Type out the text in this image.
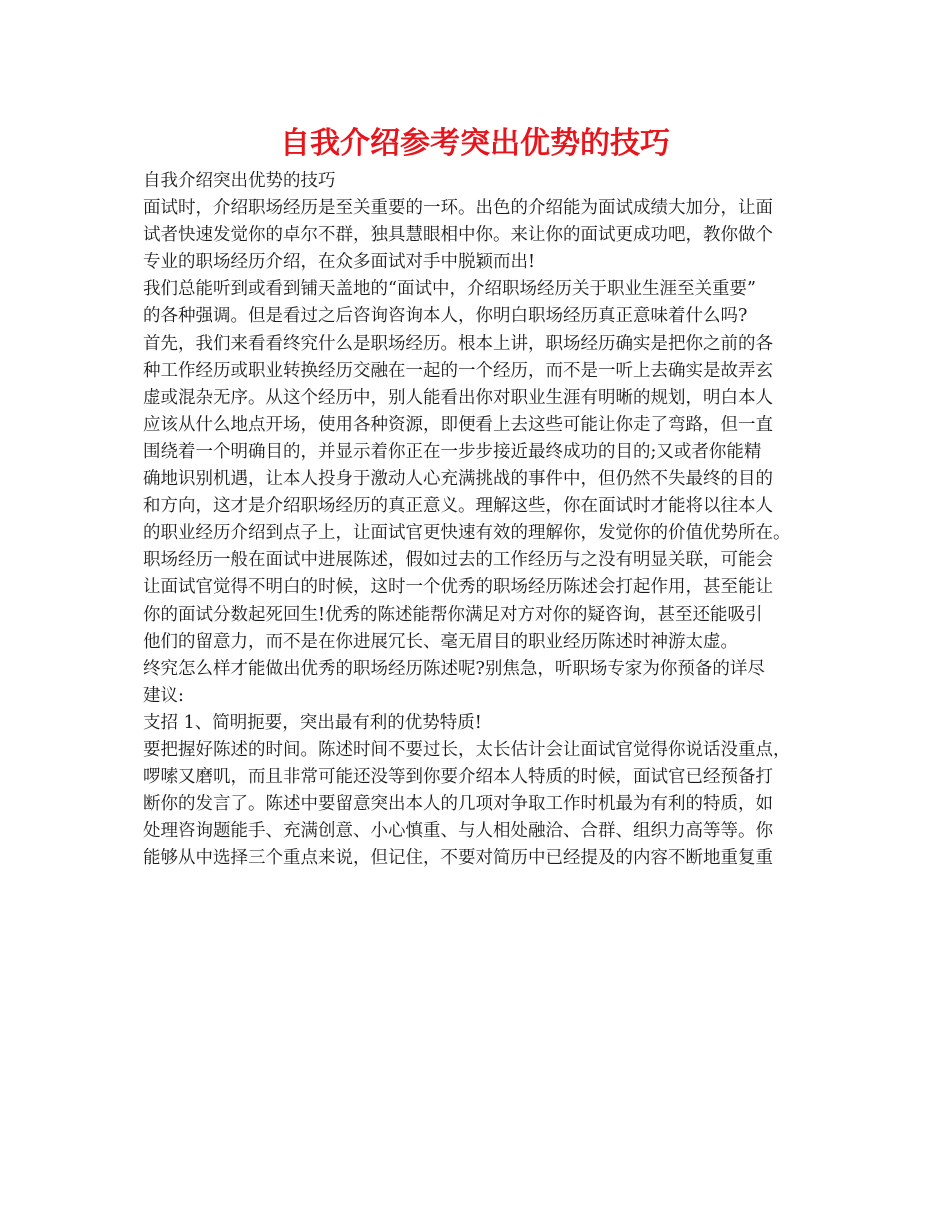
自我介绍参考突出优势的技巧
自我介绍突出优势的技巧
面试时，介绍职场经历是至关重要的一环。出色的介绍能为面试成绩大加分，让面
试者快速发觉你的卓尔不群，独具慧眼相中你。来让你的面试更成功吧，教你做个
专业的职场经历介绍，在众多面试对手中脱颖而出!
我们总能听到或看到铺天盖地的“面试中，介绍职场经历关于职业生涯至关重要”
的各种强调。但是看过之后咨询咨询本人，你明白职场经历真正意味着什么吗?
首先，我们来看看终究什么是职场经历。根本上讲，职场经历确实是把你之前的各
种工作经历或职业转换经历交融在一起的一个经历，而不是一听上去确实是故弄玄
虚或混杂无序。从这个经历中，别人能看出你对职业生涯有明晰的规划，明白本人
应该从什么地点开场，使用各种资源，即便看上去这些可能让你走了弯路，但一直
围绕着一个明确目的，并显示着你正在一步步接近最终成功的目的;又或者你能精
确地识别机遇，让本人投身于激动人心充满挑战的事件中，但仍然不失最终的目的
和方向，这才是介绍职场经历的真正意义。理解这些，你在面试时才能将以往本人
的职业经历介绍到点子上，让面试官更快速有效的理解你，发觉你的价值优势所在。
职场经历一般在面试中进展陈述，假如过去的工作经历与之没有明显关联，可能会
让面试官觉得不明白的时候，这时一个优秀的职场经历陈述会打起作用，甚至能让
你的面试分数起死回生!优秀的陈述能帮你满足对方对你的疑咨询，甚至还能吸引
他们的留意力，而不是在你进展冗长、毫无眉目的职业经历陈述时神游太虚。
终究怎么样才能做出优秀的职场经历陈述呢?别焦急，听职场专家为你预备的详尽
建议:
支招 1、简明扼要，突出最有利的优势特质!
要把握好陈述的时间。陈述时间不要过长，太长估计会让面试官觉得你说话没重点，
啰嗦又磨叽，而且非常可能还没等到你要介绍本人特质的时候，面试官已经预备打
断你的发言了。陈述中要留意突出本人的几项对争取工作时机最为有利的特质，如
处理咨询题能手、充满创意、小心慎重、与人相处融洽、合群、组织力高等等。你
能够从中选择三个重点来说，但记住，不要对简历中已经提及的内容不断地重复重
